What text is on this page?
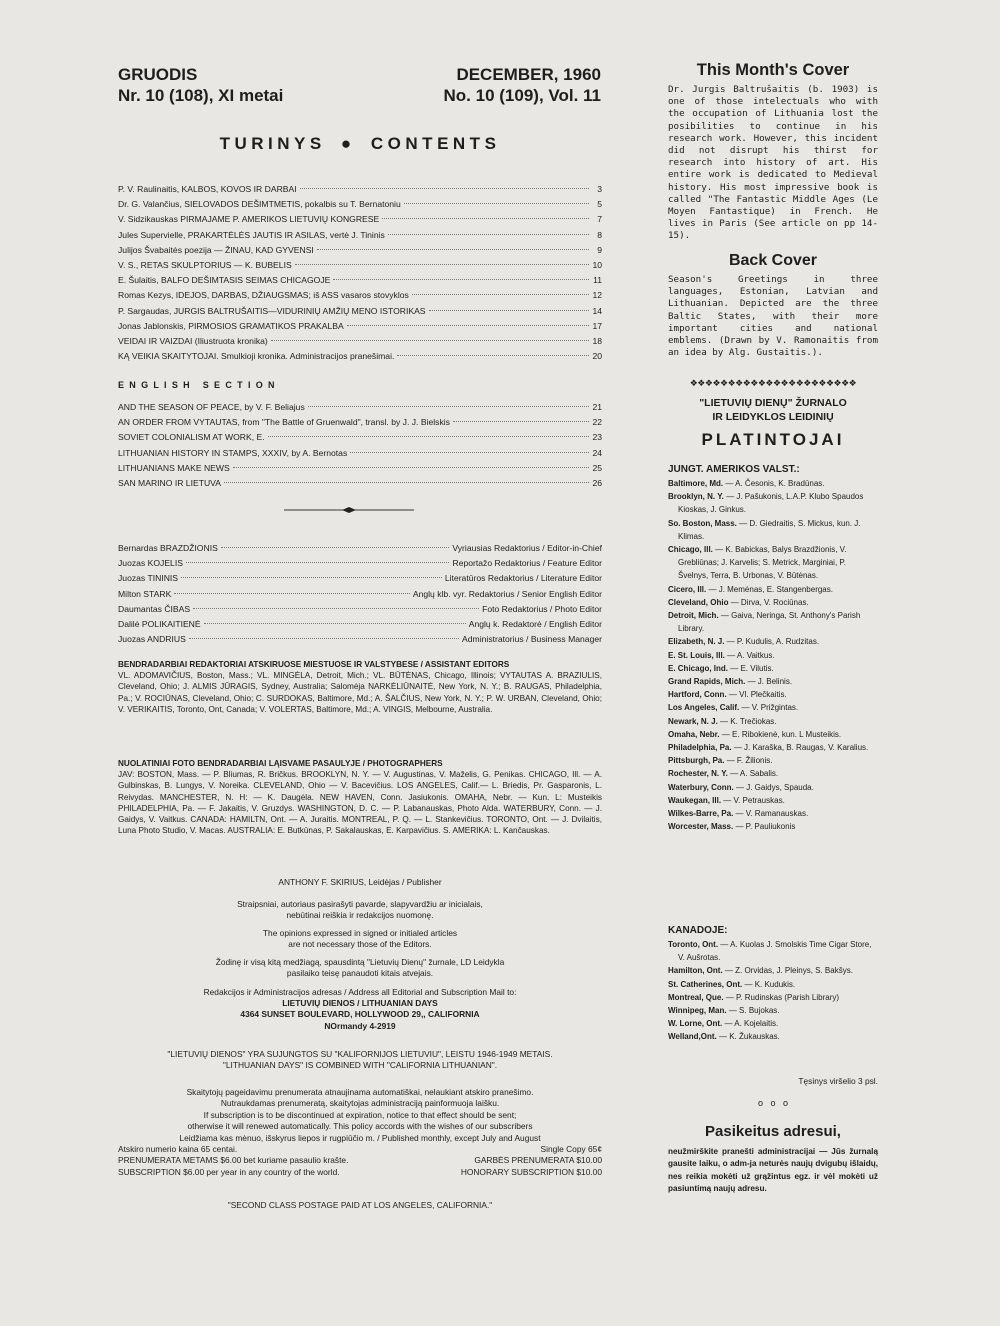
GRUODIS
Nr. 10 (108), XI metai
DECEMBER, 1960
No. 10 (109), Vol. 11
TURINYS ● CONTENTS
P. V. Raulinaitis, KALBOS, KOVOS IR DARBAI	3
Dr. G. Valančius, SIELOVADOS DEŠIMTMETIS, pokalbis su T. Bernatoniu	5
V. Sidzikauskas PIRMAJAME P. AMERIKOS LIETUVIŲ KONGRESE	7
Jules Supervielle, PRAKARTĖLĖS JAUTIS IR ASILAS, vertė J. Tininis	8
Julijos Švabaitės poezija — ŽINAU, KAD GYVENSI	9
V. S., RETAS SKULPTORIUS — K. BUBELIS	10
E. Šulaitis, BALFO DEŠIMTASIS SEIMAS CHICAGOJE	11
Romas Kezys, IDEJOS, DARBAS, DŽIAUGSMAS; iš ASS vasaros stovyklos	12
P. Sargaudas, JURGIS BALTRUŠAITIS—VIDURINIŲ AMŽIŲ MENO ISTORIKAS	14
Jonas Jablonskis, PIRMOSIOS GRAMATIKOS PRAKALBA	17
VEIDAI IR VAIZDAI (Iliustruota kronika)	18
KĄ VEIKIA SKAITYTOJAI. Smulkioji kronika. Administracijos pranešimai.	20
E N G L I S H   S E C T I O N
AND THE SEASON OF PEACE, by V. F. Beliajus	21
AN ORDER FROM VYTAUTAS, from "The Battle of Gruenwald", transl. by J. J. Bielskis	22
SOVIET COLONIALISM AT WORK, E.	23
LITHUANIAN HISTORY IN STAMPS, XXXIV, by A. Bernotas	24
LITHUANIANS MAKE NEWS	25
SAN MARINO IR LIETUVA	26
Bernardas BRAZDŽIONIS	Vyriausias Redaktorius / Editor-in-Chief
Juozas KOJELIS	Reportažo Redaktorius / Feature Editor
Juozas TININIS	Literatūros Redaktorius / Literature Editor
Milton STARK	Anglų klb. vyr. Redaktorius / Senior English Editor
Daumantas ČIBAS	Foto Redaktorius / Photo Editor
Dalilė POLIKAITIENĖ	Anglų k. Redaktorė / English Editor
Juozas ANDRIUS	Administratorius / Business Manager
BENDRADARBIAI REDAKTORIAI ATSKIRUOSE MIESTUOSE IR VALSTYBESE / ASSISTANT EDITORS
VL. ADOMAVIČIUS, Boston, Mass.; VL. MINGĖLA, Detroit, Mich.; VL. BŪTĖNAS, Chicago, Illinois; VYTAUTAS A. BRAZIULIS, Cleveland, Ohio; J. ALMIS JŪRAGIS, Sydney, Australia; Salomėja NARKĖLIŪNAITĖ, New York, N. Y.; B. RAUGAS, Philadelphia, Pa.; V. ROCIŪNAS, Cleveland, Ohio; C. SURDOKAS, Baltimore, Md.; A. ŠALČIUS, New York, N. Y.; P. W. URBAN, Cleveland, Ohio; V. VERIKAITIS, Toronto, Ont, Canada; V. VOLERTAS, Baltimore, Md.; A. VINGIS, Melbourne, Australia.
NUOLATINIAI FOTO BENDRADARBIAI LĄISVAME PASAULYJE / PHOTOGRAPHERS
JAV: BOSTON, Mass. — P. Bliumas, R. Bričkus. BROOKLYN, N. Y. — V. Augustinas, V. Maželis, G. Penikas. CHICAGO, Ill. — A. Gulbinskas, B. Lungys, V. Noreika. CLEVELAND, Ohio — V. Bacevičius. LOS ANGELES, Calif.— L. Briedis, Pr. Gasparonis, L. Reivydas. MANCHESTER, N. H: — K. Daugėla. NEW HAVEN, Conn. Jasiukonis. OMAHA, Nebr. — Kun. L: Musteikis PHILADELPHIA, Pa. — F. Jakaitis, V. Gruzdys. WASHINGTON, D. C. — P. Labanauskas, Photo Alda. WATERBURY, Conn. — J. Gaidys, V. Vaitkus. CANADA: HAMILTN, Ont. — A. Juraitis. MONTREAL, P. Q. — L. Stankevičius. TORONTO, Ont. — J. Dvilaitis, Luna Photo Studio, V. Macas. AUSTRALIA: E. Butkūnas, P. Sakalauskas, E. Karpavičius. S. AMERIKA: L. Kančauskas.
ANTHONY F. SKIRIUS, Leidėjas / Publisher
Straipsniai, autoriaus pasirašyti pavarde, slapyvardžiu ar inicialais,
nebūtinai reiškia ir redakcijos nuomonę.
The opinions expressed in signed or initialed articles
are not necessary those of the Editors.
Žodinę ir visą kitą medžiagą, spausdintą "Lietuvių Dienų" žurnale, LD Leidykla
pasilaiko teisę panaudoti kitais atvejais.
Redakcijos ir Administracijos adresas / Address all Editorial and Subscription Mail to:
LIETUVIŲ DIENOS / LITHUANIAN DAYS
4364 SUNSET BOULEVARD, HOLLYWOOD 29,, CALIFORNIA
NOrmandy 4-2919
"LIETUVIŲ DIENOS" YRA SUJUNGTOS SU "KALIFORNIJOS LIETUVIU", LEISTU 1946-1949 METAIS.
"LITHUANIAN DAYS" IS COMBINED WITH "CALIFORNIA LITHUANIAN".
Skaitytojų pageidavimu prenumerata atnaujinama automatiškai, nelaukiant atskiro pranešimo.
Nutraukdamas prenumeratą, skaitytojas administraciją painformuoja laišku.
If subscription is to be discontinued at expiration, notice to that effect should be sent;
otherwise it will renewed automatically. This policy accords with the wishes of our subscribers
Leidžiama kas mėnuo, išskyrus liepos ir rugpiūčio m. / Published monthly, except July and August
Atskiro numerio kaina 65 centai.	Single Copy 65¢
PRENUMERATA METAMS $6.00 bet kuriame pasaulio krašte.	GARBĖS PRENUMERATA $10.00
SUBSCRIPTION $6.00 per year in any country of the world.	HONORARY SUBSCRIPTION $10.00
"SECOND CLASS POSTAGE PAID AT LOS ANGELES, CALIFORNIA."
This Month's Cover
Dr. Jurgis Baltrušaitis (b. 1903) is one of those intelectuals who with the occupation of Lithuania lost the posibilities to continue in his research work. However, this incident did not disrupt his thirst for research into history of art. His entire work is dedicated to Medieval history. His most impressive book is called "The Fantastic Middle Ages (Le Moyen Fantastique) in French. He lives in Paris (See article on pp 14-15).
Back Cover
Season's Greetings in three languages, Estonian, Latvian and Lithuanian. Depicted are the three Baltic States, with their more important cities and national emblems. (Drawn by V. Ramonaitis from an idea by Alg. Gustaitis.).
❖❖❖❖❖❖❖❖❖❖❖❖❖❖❖❖❖❖❖❖❖❖
"LIETUVIŲ DIENŲ" ŽURNALO
IR LEIDYKLOS LEIDINIŲ
PLATINTOJAI
JUNGT. AMERIKOS VALST.:
Baltimore, Md. — A. Česonis, K. Bradūnas.
Brooklyn, N. Y. — J. Pašukonis, L.A.P. Klubo Spaudos Kioskas, J. Ginkus.
So. Boston, Mass. — D. Giedraitis, S. Mickus, kun. J. Klimas.
Chicago, Ill. — K. Babickas, Balys Brazdžionis, V. Grebliūnas; J. Karvelis; S. Metrick, Marginiai, P. Švelnys, Terra, B. Urbonas, V. Būtėnas.
Cicero, Ill. — J. Memėnas, E. Stangenbergas.
Cleveland, Ohio — Dirva, V. Rociūnas.
Detroit, Mich. — Gaiva, Neringa, St. Anthony's Parish Library.
Elizabeth, N. J. — P. Kudulis, A. Rudzitas.
E. St. Louis, Ill. — A. Vaitkus.
E. Chicago, Ind. — E. Vilutis.
Grand Rapids, Mich. — J. Belinis.
Hartford, Conn. — Vl. Plečkaitis.
Los Angeles, Calif. — V. Prižgintas.
Newark, N. J. — K. Trečiokas.
Omaha, Nebr. — E. Ribokienė, kun. L Musteikis.
Philadelphia, Pa. — J. Karaška, B. Raugas, V. Karalius.
Pittsburgh, Pa. — F. Žilionis.
Rochester, N. Y. — A. Sabalis.
Waterbury, Conn. — J. Gaidys, Spauda.
Waukegan, Ill. — V. Petrauskas.
Wilkes-Barre, Pa. — V. Ramanauskas.
Worcester, Mass. — P. Pauliukonis
KANADOJE:
Toronto, Ont. — A. Kuolas J. Smolskis Time Cigar Store, V. Aušrotas.
Hamilton, Ont. — Z. Orvidas, J. Pleinys, S. Bakšys.
St. Catherines, Ont. — K. Kudukis.
Montreal, Que. — P. Rudinskas (Parish Library)
Winnipeg, Man. — S. Bujokas.
W. Lorne, Ont. — A. Kojelaitis.
Welland,Ont. — K. Žukauskas.
Tęsinys viršelio 3 psl.
o   o   o
Pasikeitus adresui,
neužmirškite pranešti administracijai — Jūs žurnalą gausite laiku, o adm-ja neturės naujų dvigubų išlaidų, nes reikia mokėti už grąžintus egz. ir vėl mokėti už pasiuntimą naujų adresu.
